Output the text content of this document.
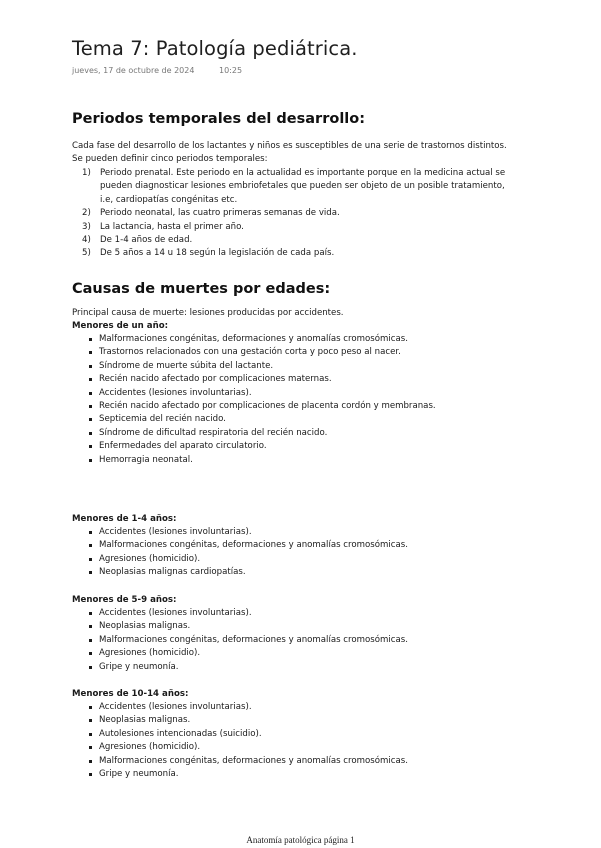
Tema 7: Patología pediátrica.
jueves, 17 de octubre de 2024	10:25
Periodos temporales del desarrollo:

Cada fase del desarrollo de los lactantes y niños es susceptibles de una serie de trastornos distintos.
Se pueden definir cinco periodos temporales:

1) Periodo prenatal. Este periodo en la actualidad es importante porque en la medicina actual se
pueden diagnosticar lesiones embriofetales que pueden ser objeto de un posible tratamiento,
i.e, cardiopatías congénitas etc.
2) Periodo neonatal, las cuatro primeras semanas de vida.
3) La lactancia, hasta el primer año.
4) De 1-4 años de edad.
5) De 5 años a 14 u 18 según la legislación de cada país.
Causas de muertes por edades:

Principal causa de muerte: lesiones producidas por accidentes.

Menores de un año:

Malformaciones congénitas, deformaciones y anomalías cromosómicas.
Trastornos relacionados con una gestación corta y poco peso al nacer.
Síndrome de muerte súbita del lactante.
Recién nacido afectado por complicaciones maternas.
Accidentes (lesiones involuntarias).
Recién nacido afectado por complicaciones de placenta cordón y membranas.
Septicemia del recién nacido.
Síndrome de dificultad respiratoria del recién nacido.
Enfermedades del aparato circulatorio.
Hemorragia neonatal.

Menores de 1-4 años:

Accidentes (lesiones involuntarias).
Malformaciones congénitas, deformaciones y anomalías cromosómicas.
Agresiones (homicidio).
Neoplasias malignas cardiopatías.

Menores de 5-9 años:

Accidentes (lesiones involuntarias).
Neoplasias malignas.
Malformaciones congénitas, deformaciones y anomalías cromosómicas.
Agresiones (homicidio).
Gripe y neumonía.

Menores de 10-14 años:

Accidentes (lesiones involuntarias).
Neoplasias malignas.
Autolesiones intencionadas (suicidio).
Agresiones (homicidio).
Malformaciones congénitas, deformaciones y anomalías cromosómicas.
Gripe y neumonía.
Anatomía patológica página 1
